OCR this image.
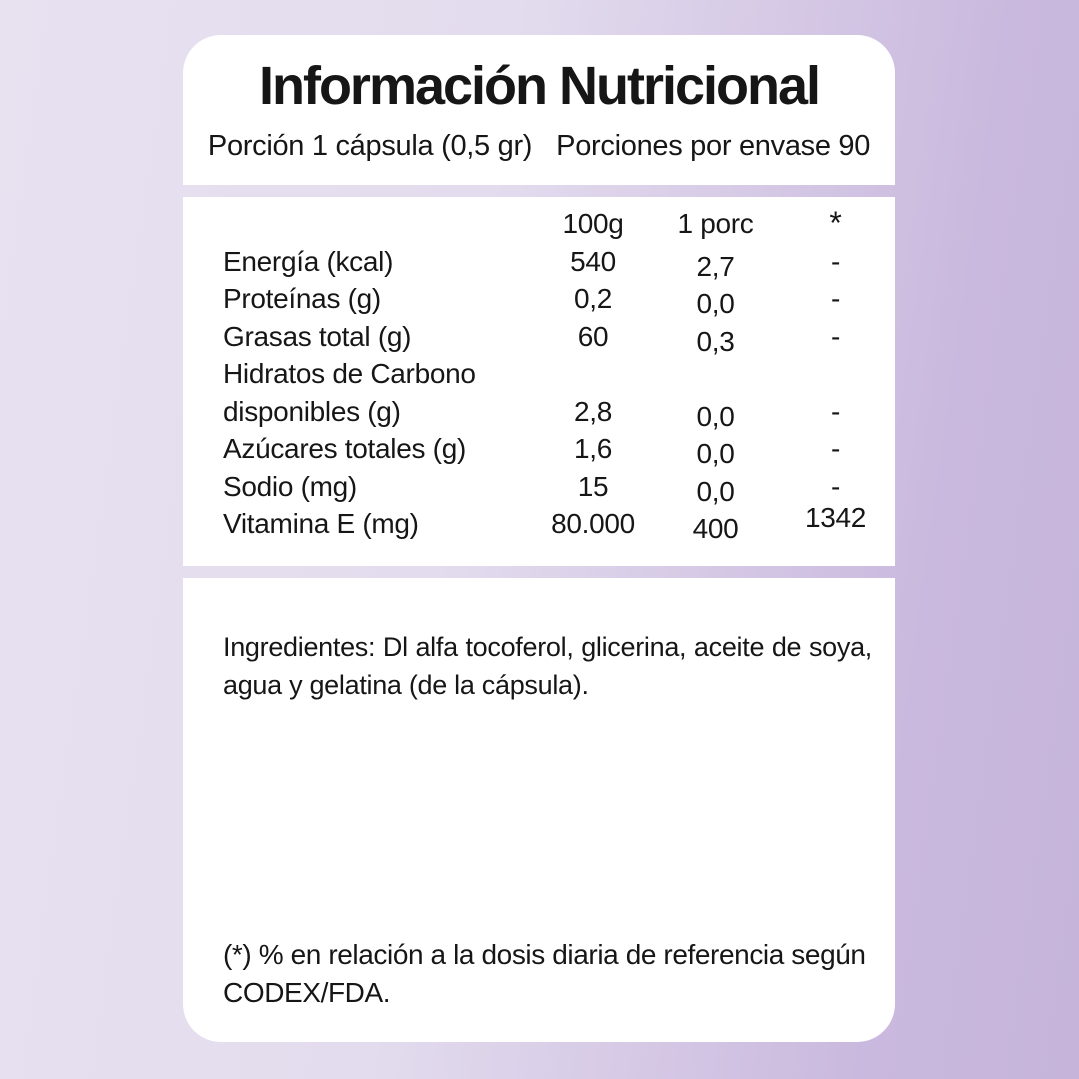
Información Nutricional
Porción 1 cápsula (0,5 gr) Porciones por envase 90
100g	1 porc	*
Energía (kcal)	540	2,7	-
Proteínas (g)	0,2	0,0	-
Grasas total (g)	60	0,3	-
Hidratos de Carbono
disponibles (g)	2,8	0,0	-
Azúcares totales (g)	1,6	0,0	-
Sodio (mg)	15	0,0	-
Vitamina E (mg)	80.000	400	1342

Ingredientes: Dl alfa tocoferol, glicerina, aceite de soya, agua y gelatina (de la cápsula).

(*) % en relación a la dosis diaria de referencia según CODEX/FDA.
